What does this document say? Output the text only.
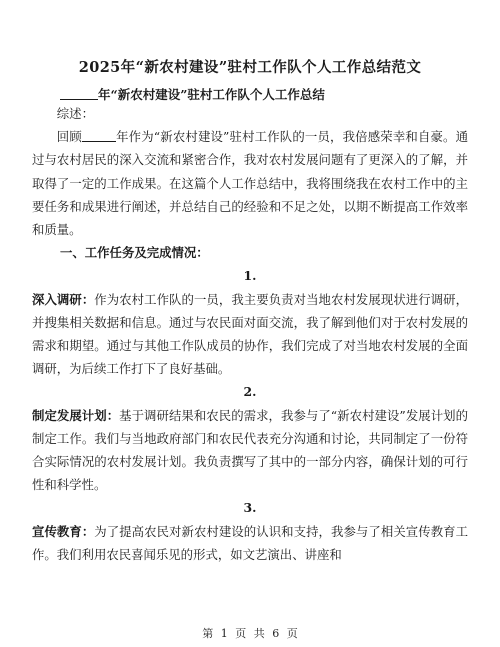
2025年“新农村建设”驻村工作队个人工作总结范文
年“新农村建设”驻村工作队个人工作总结

综述：

回顾	年作为“新农村建设”驻村工作队的一员，我倍感荣幸和自豪。通过与农村居民的深入交流和紧密合作，我对农村发展问题有了更深入的了解，并取得了一定的工作成果。在这篇个人工作总结中，我将围绕我在农村工作中的主要任务和成果进行阐述，并总结自己的经验和不足之处，以期不断提高工作效率和质量。

一、工作任务及完成情况：

1.

深入调研：作为农村工作队的一员，我主要负责对当地农村发展现状进行调研，并搜集相关数据和信息。通过与农民面对面交流，我了解到他们对于农村发展的需求和期望。通过与其他工作队成员的协作，我们完成了对当地农村发展的全面调研，为后续工作打下了良好基础。

2.

制定发展计划：基于调研结果和农民的需求，我参与了“新农村建设”发展计划的制定工作。我们与当地政府部门和农民代表充分沟通和讨论，共同制定了一份符合实际情况的农村发展计划。我负责撰写了其中的一部分内容，确保计划的可行性和科学性。

3.

宣传教育：为了提高农民对新农村建设的认识和支持，我参与了相关宣传教育工作。我们利用农民喜闻乐见的形式，如文艺演出、讲座和

第 1 页 共 6 页
